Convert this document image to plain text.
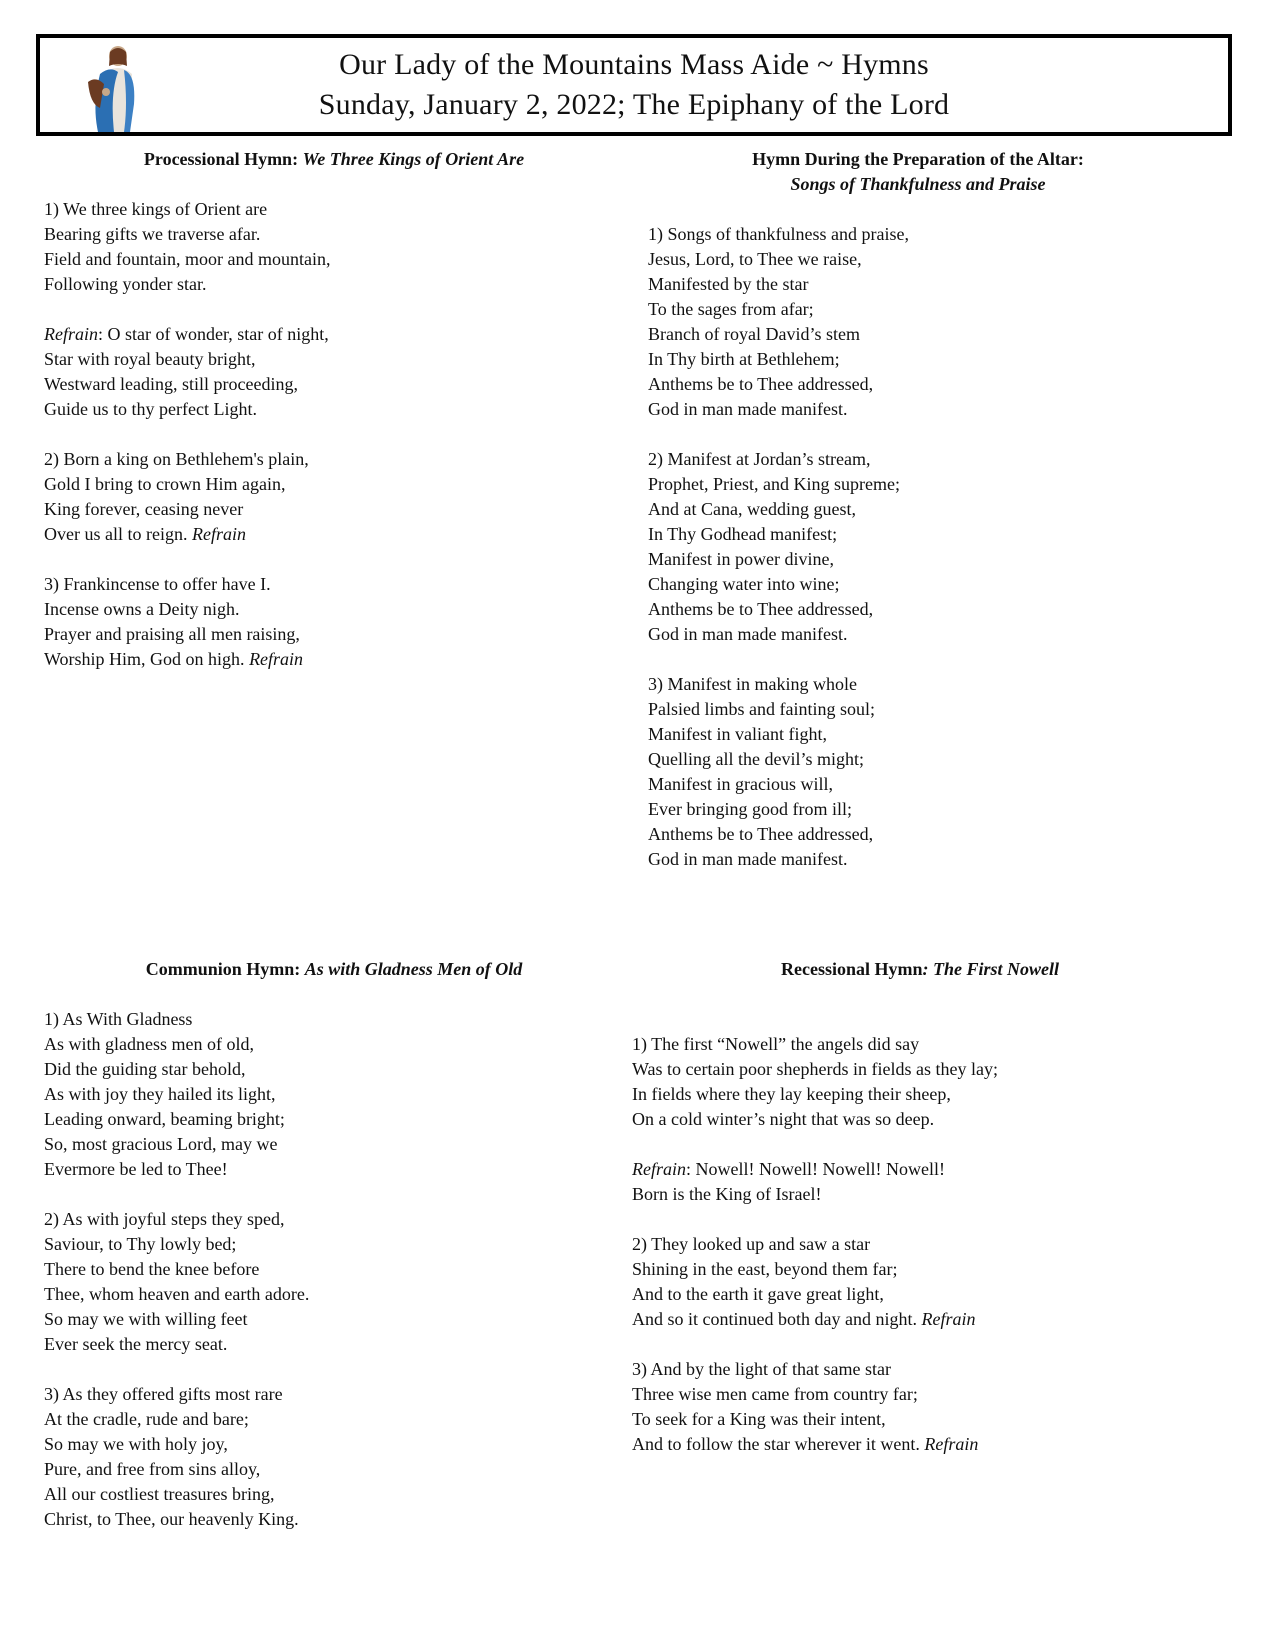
Our Lady of the Mountains Mass Aide ~ Hymns
Sunday, January 2, 2022; The Epiphany of the Lord
Processional Hymn: We Three Kings of Orient Are
1) We three kings of Orient are
Bearing gifts we traverse afar.
Field and fountain, moor and mountain,
Following yonder star.
Refrain: O star of wonder, star of night,
Star with royal beauty bright,
Westward leading, still proceeding,
Guide us to thy perfect Light.
2) Born a king on Bethlehem's plain,
Gold I bring to crown Him again,
King forever, ceasing never
Over us all to reign. Refrain
3) Frankincense to offer have I.
Incense owns a Deity nigh.
Prayer and praising all men raising,
Worship Him, God on high. Refrain
Hymn During the Preparation of the Altar:
Songs of Thankfulness and Praise
1) Songs of thankfulness and praise,
Jesus, Lord, to Thee we raise,
Manifested by the star
To the sages from afar;
Branch of royal David’s stem
In Thy birth at Bethlehem;
Anthems be to Thee addressed,
God in man made manifest.
2) Manifest at Jordan’s stream,
Prophet, Priest, and King supreme;
And at Cana, wedding guest,
In Thy Godhead manifest;
Manifest in power divine,
Changing water into wine;
Anthems be to Thee addressed,
God in man made manifest.
3) Manifest in making whole
Palsied limbs and fainting soul;
Manifest in valiant fight,
Quelling all the devil’s might;
Manifest in gracious will,
Ever bringing good from ill;
Anthems be to Thee addressed,
God in man made manifest.
Communion Hymn: As with Gladness Men of Old
1) As With Gladness
As with gladness men of old,
Did the guiding star behold,
As with joy they hailed its light,
Leading onward, beaming bright;
So, most gracious Lord, may we
Evermore be led to Thee!
2) As with joyful steps they sped,
Saviour, to Thy lowly bed;
There to bend the knee before
Thee, whom heaven and earth adore.
So may we with willing feet
Ever seek the mercy seat.
3) As they offered gifts most rare
At the cradle, rude and bare;
So may we with holy joy,
Pure, and free from sins alloy,
All our costliest treasures bring,
Christ, to Thee, our heavenly King.
Recessional Hymn: The First Nowell
1) The first “Nowell” the angels did say
Was to certain poor shepherds in fields as they lay;
In fields where they lay keeping their sheep,
On a cold winter’s night that was so deep.
Refrain: Nowell! Nowell! Nowell! Nowell!
Born is the King of Israel!
2) They looked up and saw a star
Shining in the east, beyond them far;
And to the earth it gave great light,
And so it continued both day and night. Refrain
3) And by the light of that same star
Three wise men came from country far;
To seek for a King was their intent,
And to follow the star wherever it went. Refrain
